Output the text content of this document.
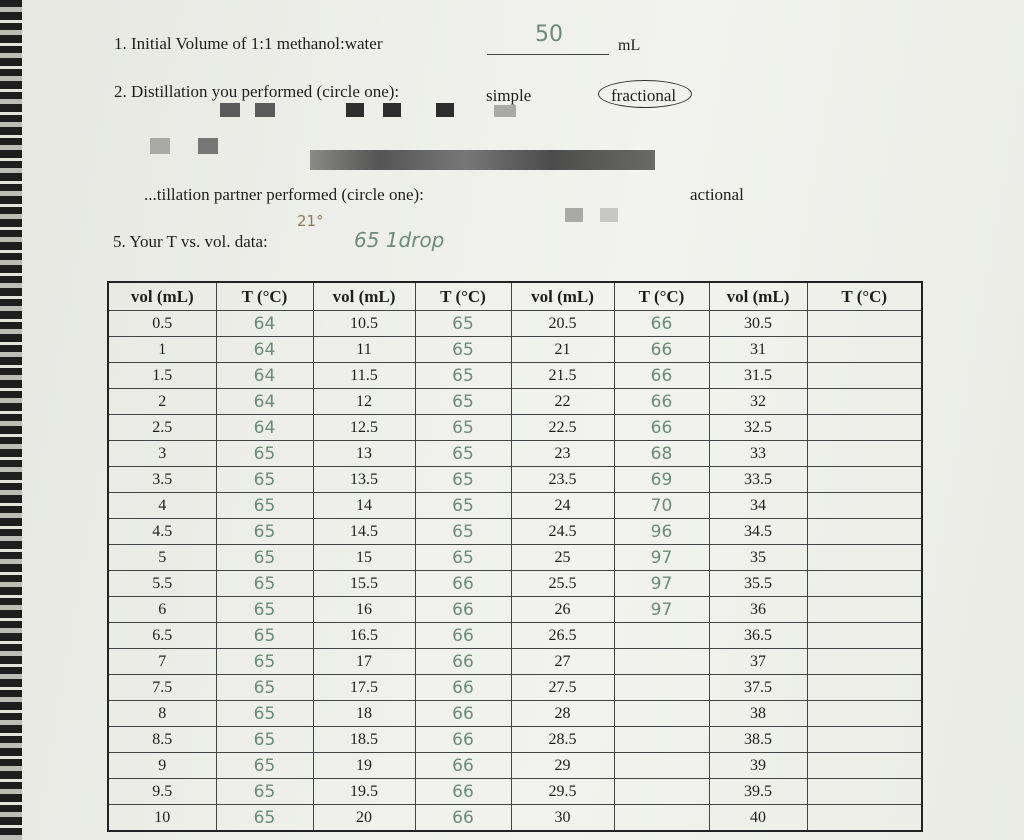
1. Initial Volume of 1:1 methanol:water	50	mL
2. Distillation you performed (circle one):	simple	fractional
...tillation partner performed (circle one):	actional
5. Your T vs. vol. data:
21°
65 1drop
vol (mL)	T (°C)	vol (mL)	T (°C)	vol (mL)	T (°C)	vol (mL)	T (°C)
0.5	64	10.5	65	20.5	66	30.5	
1	64	11	65	21	66	31	
1.5	64	11.5	65	21.5	66	31.5	
2	64	12	65	22	66	32	
2.5	64	12.5	65	22.5	66	32.5	
3	65	13	65	23	68	33	
3.5	65	13.5	65	23.5	69	33.5	
4	65	14	65	24	70	34	
4.5	65	14.5	65	24.5	96	34.5	
5	65	15	65	25	97	35	
5.5	65	15.5	66	25.5	97	35.5	
6	65	16	66	26	97	36	
6.5	65	16.5	66	26.5		36.5	
7	65	17	66	27		37	
7.5	65	17.5	66	27.5		37.5	
8	65	18	66	28		38	
8.5	65	18.5	66	28.5		38.5	
9	65	19	66	29		39	
9.5	65	19.5	66	29.5		39.5	
10	65	20	66	30		40	
